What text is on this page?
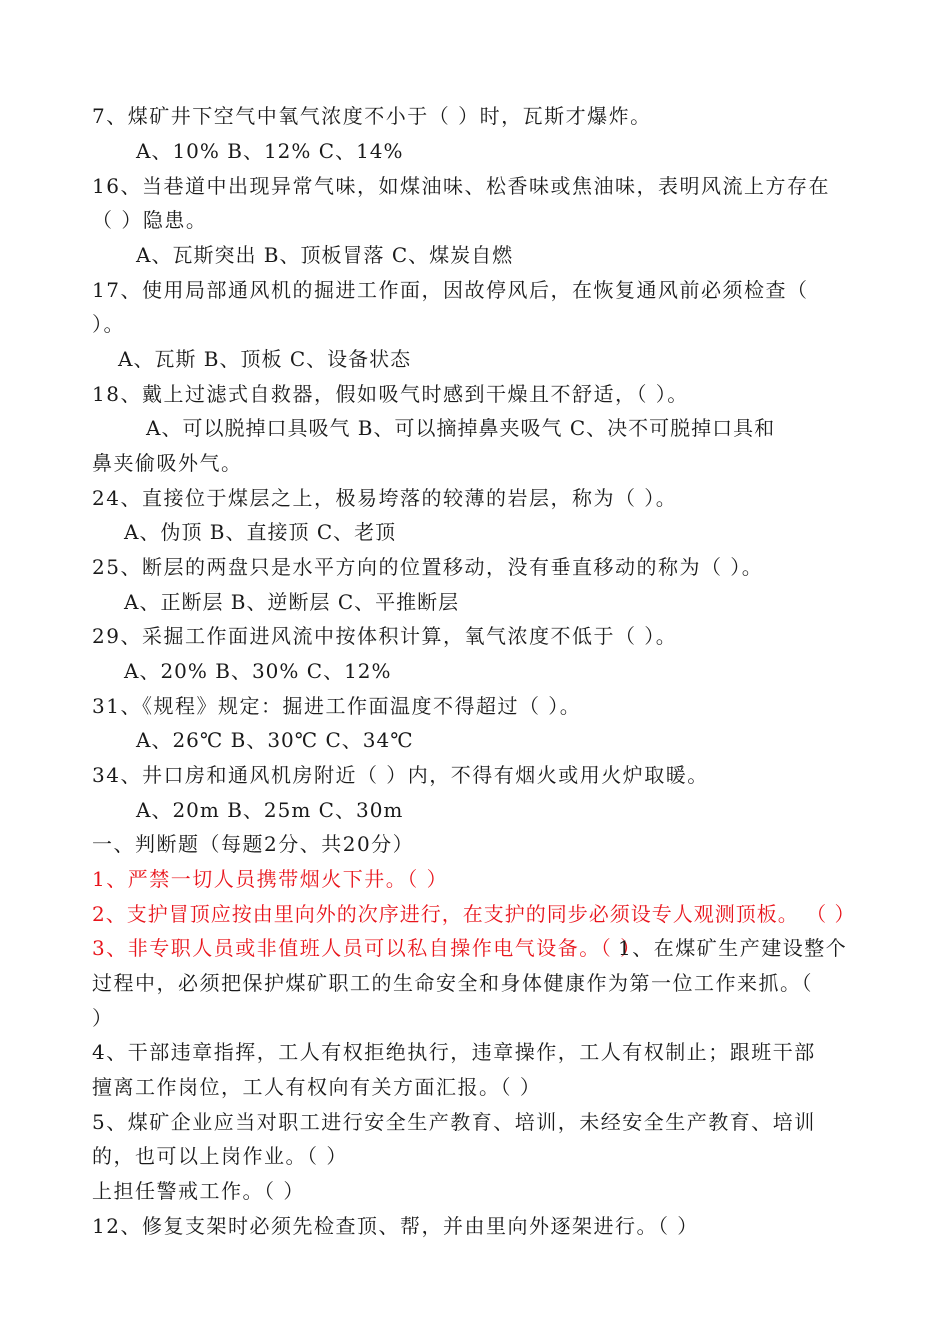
7、煤矿井下空气中氧气浓度不小于（ ）时，瓦斯才爆炸。
A、10% B、12% C、14%
16、当巷道中出现异常气味，如煤油味、松香味或焦油味，表明风流上方存在
（ ）隐患。
A、瓦斯突出 B、顶板冒落 C、煤炭自燃
17、使用局部通风机的掘进工作面，因故停风后，在恢复通风前必须检查（
）。
A、瓦斯 B、顶板 C、设备状态
18、戴上过滤式自救器，假如吸气时感到干燥且不舒适，（ ）。
A、可以脱掉口具吸气 B、可以摘掉鼻夹吸气 C、决不可脱掉口具和
鼻夹偷吸外气。
24、直接位于煤层之上，极易垮落的较薄的岩层，称为（ ）。
A、伪顶 B、直接顶 C、老顶
25、断层的两盘只是水平方向的位置移动，没有垂直移动的称为（ ）。
A、正断层 B、逆断层 C、平推断层
29、采掘工作面进风流中按体积计算，氧气浓度不低于（ ）。
A、20% B、30% C、12%
31、《规程》规定：掘进工作面温度不得超过（ ）。
A、26℃ B、30℃ C、34℃
34、井口房和通风机房附近（ ）内，不得有烟火或用火炉取暖。
A、20m B、25m C、30m
一、判断题（每题2分、共20分）
1、严禁一切人员携带烟火下井。（ ）
2、支护冒顶应按由里向外的次序进行，在支护的同步必须设专人观测顶板。 （ ）
3、非专职人员或非值班人员可以私自操作电气设备。（ ）
1、在煤矿生产建设整个
过程中，必须把保护煤矿职工的生命安全和身体健康作为第一位工作来抓。（
）
4、干部违章指挥，工人有权拒绝执行，违章操作，工人有权制止；跟班干部
擅离工作岗位，工人有权向有关方面汇报。（ ）
5、煤矿企业应当对职工进行安全生产教育、培训，未经安全生产教育、培训
的，也可以上岗作业。（ ）
上担任警戒工作。（ ）
12、修复支架时必须先检查顶、帮，并由里向外逐架进行。（ ）
